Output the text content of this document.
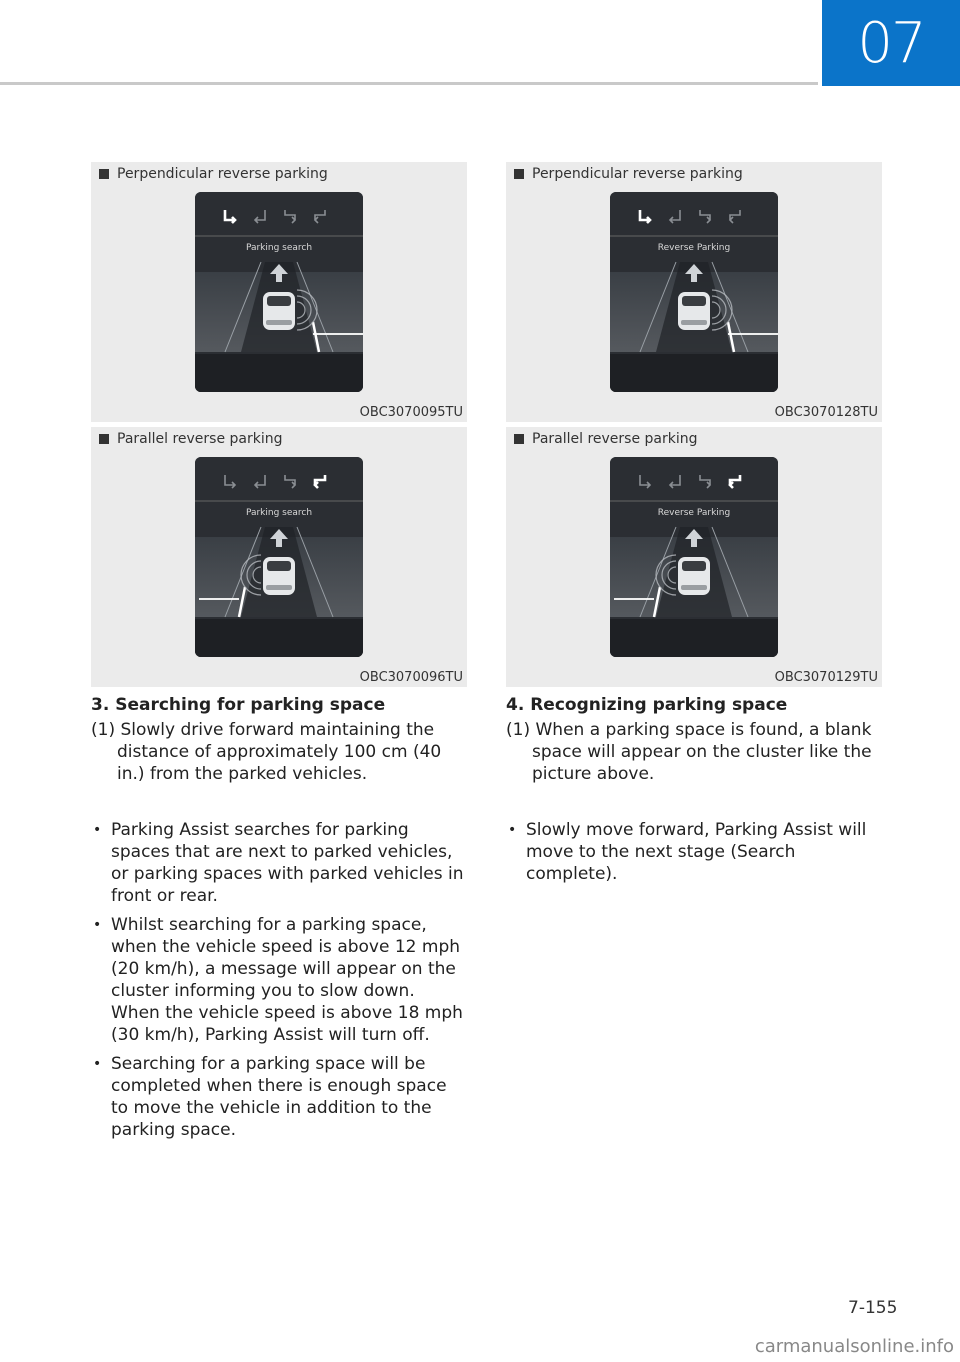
07
Perpendicular reverse parking
Parking search
OBC3070095TU
Parallel reverse parking
Parking search
OBC3070096TU
3. Searching for parking space

(1) Slowly drive forward maintaining the distance of approximately 100 cm (40 in.) from the parked vehicles.

• Parking Assist searches for parking spaces that are next to parked vehicles, or parking spaces with parked vehicles in front or rear.
• Whilst searching for a parking space, when the vehicle speed is above 12 mph (20 km/h), a message will appear on the cluster informing you to slow down. When the vehicle speed is above 18 mph (30 km/h), Parking Assist will turn off.
• Searching for a parking space will be completed when there is enough space to move the vehicle in addition to the parking space.
Perpendicular reverse parking
Reverse Parking
OBC3070128TU
Parallel reverse parking
Reverse Parking
OBC3070129TU
4. Recognizing parking space

(1) When a parking space is found, a blank space will appear on the cluster like the picture above.

• Slowly move forward, Parking Assist will move to the next stage (Search complete).
7-155
carmanualsonline.info
